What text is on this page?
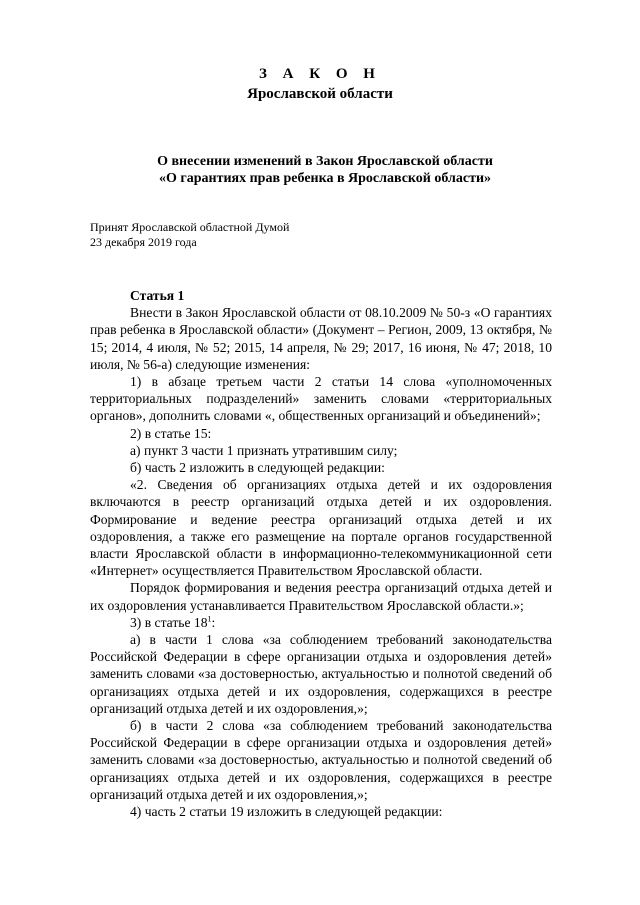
З А К О Н
Ярославской области
О внесении изменений в Закон Ярославской области
«О гарантиях прав ребенка в Ярославской области»
Принят Ярославской областной Думой
23 декабря 2019 года

Статья 1

Внести в Закон Ярославской области от 08.10.2009 № 50-з «О гарантиях прав ребенка в Ярославской области» (Документ – Регион, 2009, 13 октября, № 15; 2014, 4 июля, № 52; 2015, 14 апреля, № 29; 2017, 16 июня, № 47; 2018, 10 июля, № 56-а) следующие изменения:

1) в абзаце третьем части 2 статьи 14 слова «уполномоченных территориальных подразделений» заменить словами «территориальных органов», дополнить словами «, общественных организаций и объединений»;

2) в статье 15:

а) пункт 3 части 1 признать утратившим силу;

б) часть 2 изложить в следующей редакции:

«2. Сведения об организациях отдыха детей и их оздоровления включаются в реестр организаций отдыха детей и их оздоровления. Формирование и ведение реестра организаций отдыха детей и их оздоровления, а также его размещение на портале органов государственной власти Ярославской области в информационно-телекоммуникационной сети «Интернет» осуществляется Правительством Ярославской области.

Порядок формирования и ведения реестра организаций отдыха детей и их оздоровления устанавливается Правительством Ярославской области.»;

3) в статье $18^1$:

а) в части 1 слова «за соблюдением требований законодательства Российской Федерации в сфере организации отдыха и оздоровления детей» заменить словами «за достоверностью, актуальностью и полнотой сведений об организациях отдыха детей и их оздоровления, содержащихся в реестре организаций отдыха детей и их оздоровления,»;

б) в части 2 слова «за соблюдением требований законодательства Российской Федерации в сфере организации отдыха и оздоровления детей» заменить словами «за достоверностью, актуальностью и полнотой сведений об организациях отдыха детей и их оздоровления, содержащихся в реестре организаций отдыха детей и их оздоровления,»;

4) часть 2 статьи 19 изложить в следующей редакции:
